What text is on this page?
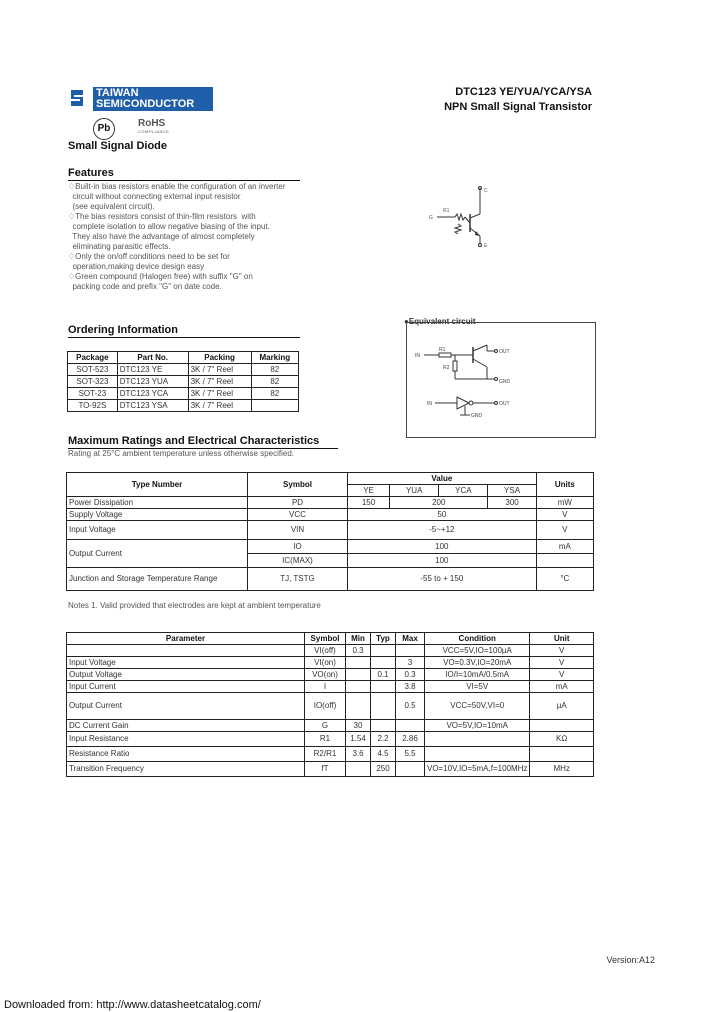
TAIWAN
SEMICONDUCTOR
Pb	RoHS
COMPLIANCE
DTC123 YE/YUA/YCA/YSA
NPN Small Signal Transistor
Small Signal Diode
Features
♢Built-in bias resistors enable the configuration of an inverter
circuit without connecting external input resistor
(see equivalent circuit).
♢The bias resistors consist of thin-film resistors  with
complete isolation to allow negative biasing of the input.
They also have the advantage of almost completely
eliminating parasitic effects.
♢Only the on/off conditions need to be set for
operation,making device design easy
♢Green compound (Halogen free) with suffix "G" on
packing code and prefix "G" on date code.
R1
G
C
E
Ordering Information
Package	Part No.	Packing	Marking
SOT-523	DTC123 YE	3K / 7" Reel	82
SOT-323	DTC123 YUA	3K / 7" Reel	82
SOT-23	DTC123 YCA	3K / 7" Reel	82
TO-92S	DTC123 YSA	3K / 7" Reel	
●Equivalent circuit
IN
OUT
GND
IN	OUT
GND
R1
R2
Maximum Ratings and Electrical Characteristics
Rating at 25°C ambient temperature unless otherwise specified.
Type Number	Symbol	Value				Units
		YE	YUA	YCA	YSA	
Power Dissipation	PD	150	200		300	mW
Supply Voltage	VCC	50				V
Input Voltage	VIN	-5~+12				V
Output Current	IO	100				mA
	IC(MAX)	100				
Junction and Storage Temperature Range	TJ, TSTG	-55 to + 150				°C
Notes 1. Valid provided that electrodes are kept at ambient temperature
Parameter	Symbol	Min	Typ	Max	Condition	Unit
	VI(off)	0.3			VCC=5V,IO=100µA	V
Input Voltage	VI(on)			3	VO=0.3V,IO=20mA	V
Output Voltage	VO(on)		0.1	0.3	IO/I=10mA/0.5mA	V
Input Current	I			3.8	VI=5V	mA
Output Current	IO(off)			0.5	VCC=50V,VI=0	µA
DC Current Gain	G	30			VO=5V,IO=10mA	
Input Resistance	R1	1.54	2.2	2.86		KΩ
Resistance Ratio	R2/R1	3.6	4.5	5.5		
Transition Frequency	fT		250		VO=10V,IO=5mA,f=100MHz	MHz
Version:A12
Downloaded from: http://www.datasheetcatalog.com/
